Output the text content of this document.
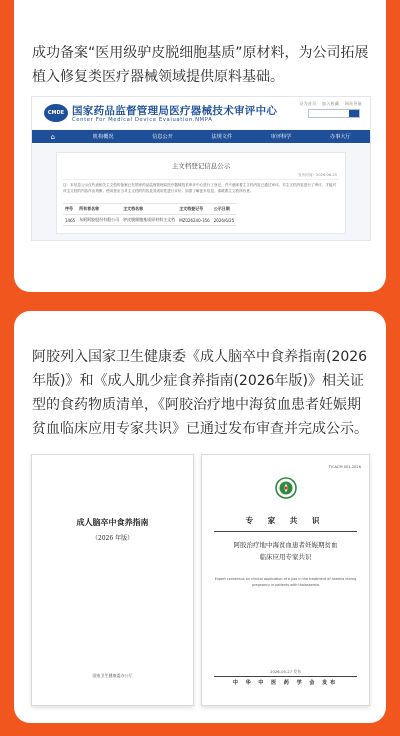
成功备案“医用级驴皮脱细胞基质”原材料，为公司拓展植入修复类医疗器械领域提供原料基础。

设为首页 加入收藏 网站导航
CMDE 国家药品监督管理局医疗器械技术审评中心
Center For Medical Device Evaluation.NMPA
⌂	机构概况	信息公开	法规文件	审评科学	办事大厅
主文档登记信息公示
发布时间：2026-06-25
注：本信息公示仅代表相关主文档的备案已在国家药品监督管理局医疗器械技术审评中心进行了登记，并不意味着主文档内容已通过审评。对主文档内容进行了审评，才能对该主文档的内容作出判断。使用者应当对主文档的内容及其适用性进行评价。如需了解更多信息，请联系主文档所有者。
序号	所有者名称	主文档名称	主文档登记号	公示日期
1465	东阿阿胶股份有限公司	驴皮脱细胞基质原材料主文档	MZ026240-356	2026/6/25

阿胶列入国家卫生健康委《成人脑卒中食养指南(2026年版)》和《成人肌少症食养指南(2026年版)》相关证型的食药物质清单，《阿胶治疗地中海贫血患者妊娠期贫血临床应用专家共识》已通过发布审查并完成公示。

成人脑卒中食养指南
（2026 年版）
国家卫生健康委办公厅
T/CACM 001-2026
专 家 共 识
阿胶治疗地中海贫血患者妊娠期贫血
临床应用专家共识
Expert consensus on clinical application of e-jiao in the treatment of anemia during pregnancy in patients with thalassemia
2026-05-27 发布
中 华 中 医 药 学 会 发布
